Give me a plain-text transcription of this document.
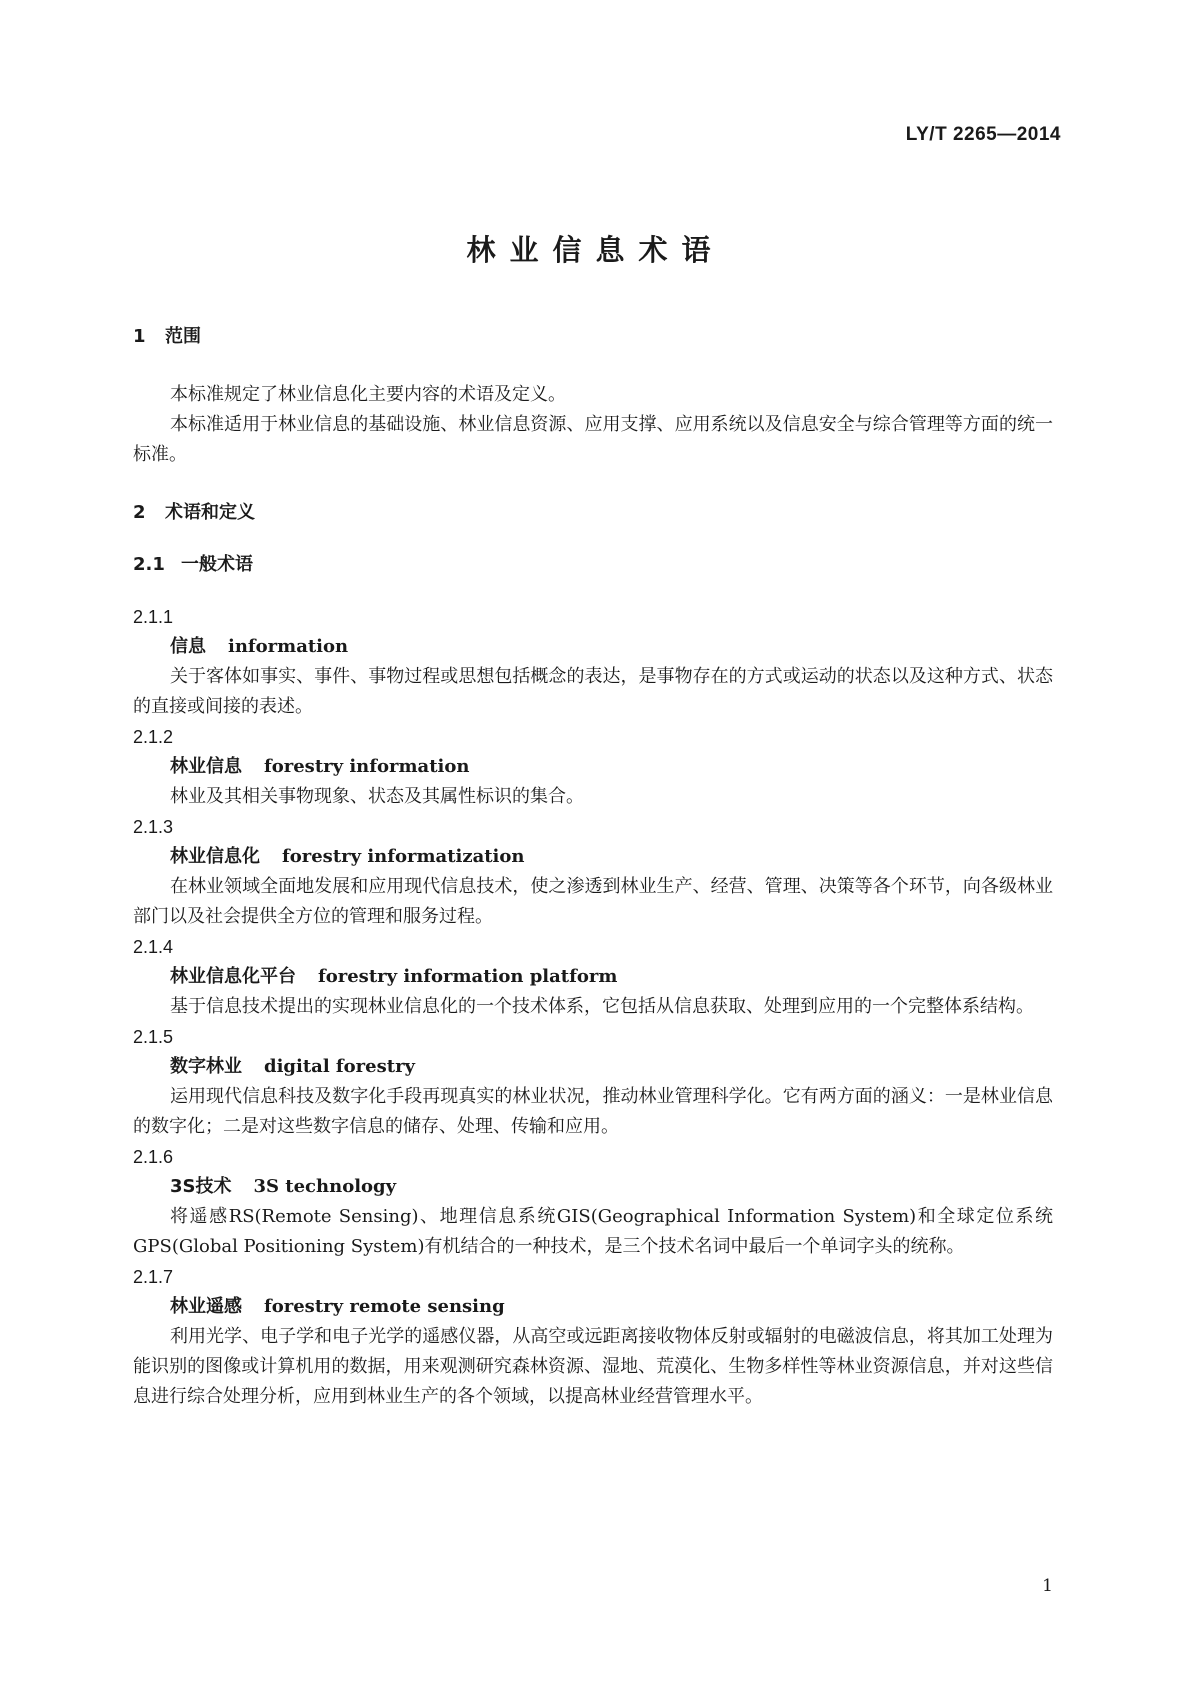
LY/T 2265—2014
林业信息术语
1 范围

本标准规定了林业信息化主要内容的术语及定义。

本标准适用于林业信息的基础设施、林业信息资源、应用支撑、应用系统以及信息安全与综合管理等方面的统一标准。

2 术语和定义
2.1 一般术语
2.1.1
信息 information

关于客体如事实、事件、事物过程或思想包括概念的表达，是事物存在的方式或运动的状态以及这种方式、状态的直接或间接的表述。

2.1.2
林业信息 forestry information

林业及其相关事物现象、状态及其属性标识的集合。

2.1.3
林业信息化 forestry informatization

在林业领域全面地发展和应用现代信息技术，使之渗透到林业生产、经营、管理、决策等各个环节，向各级林业部门以及社会提供全方位的管理和服务过程。

2.1.4
林业信息化平台 forestry information platform

基于信息技术提出的实现林业信息化的一个技术体系，它包括从信息获取、处理到应用的一个完整体系结构。

2.1.5
数字林业 digital forestry

运用现代信息科技及数字化手段再现真实的林业状况，推动林业管理科学化。它有两方面的涵义：一是林业信息的数字化；二是对这些数字信息的储存、处理、传输和应用。

2.1.6
3S技术 3S technology

将遥感RS(Remote Sensing)、地理信息系统GIS(Geographical Information System)和全球定位系统GPS(Global Positioning System)有机结合的一种技术，是三个技术名词中最后一个单词字头的统称。

2.1.7
林业遥感 forestry remote sensing

利用光学、电子学和电子光学的遥感仪器，从高空或远距离接收物体反射或辐射的电磁波信息，将其加工处理为能识别的图像或计算机用的数据，用来观测研究森林资源、湿地、荒漠化、生物多样性等林业资源信息，并对这些信息进行综合处理分析，应用到林业生产的各个领域，以提高林业经营管理水平。

1
